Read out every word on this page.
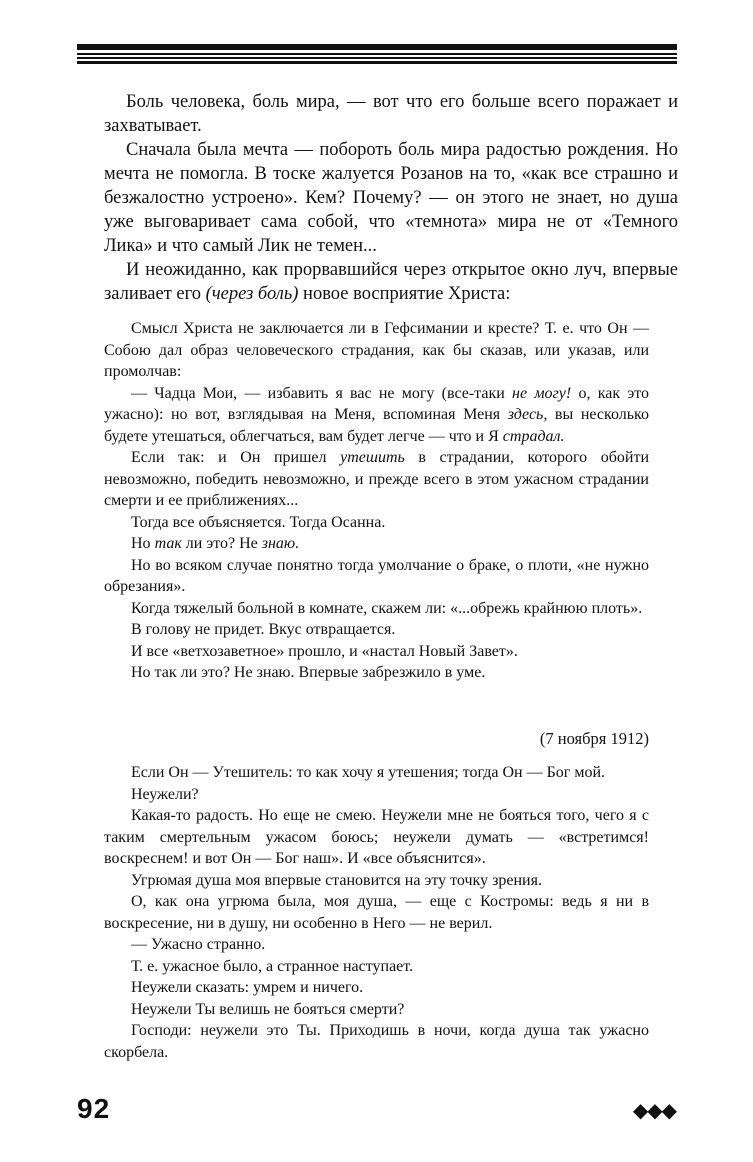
Боль человека, боль мира, — вот что его больше всего поражает и захватывает.

Сначала была мечта — побороть боль мира радостью рождения. Но мечта не помогла. В тоске жалуется Розанов на то, «как все страшно и безжалостно устроено». Кем? Почему? — он этого не знает, но душа уже выговаривает сама собой, что «темнота» мира не от «Темного Лика» и что самый Лик не темен...

И неожиданно, как прорвавшийся через открытое окно луч, впервые заливает его (через боль) новое восприятие Христа:

Смысл Христа не заключается ли в Гефсимании и кресте? Т. е. что Он — Собою дал образ человеческого страдания, как бы сказав, или указав, или промолчав:

— Чадца Мои, — избавить я вас не могу (все-таки не могу! о, как это ужасно): но вот, взглядывая на Меня, вспоминая Меня здесь, вы несколько будете утешаться, облегчаться, вам будет легче — что и Я страдал.

Если так: и Он пришел утешить в страдании, которого обойти невозможно, победить невозможно, и прежде всего в этом ужасном страдании смерти и ее приближениях...

Тогда все объясняется. Тогда Осанна.

Но так ли это? Не знаю.

Но во всяком случае понятно тогда умолчание о браке, о плоти, «не нужно обрезания».

Когда тяжелый больной в комнате, скажем ли: «...обрежь крайнюю плоть».

В голову не придет. Вкус отвращается.

И все «ветхозаветное» прошло, и «настал Новый Завет».

Но так ли это? Не знаю. Впервые забрезжило в уме.

(7 ноября 1912)

Если Он — Утешитель: то как хочу я утешения; тогда Он — Бог мой.

Неужели?

Какая-то радость. Но еще не смею. Неужели мне не бояться того, чего я с таким смертельным ужасом боюсь; неужели думать — «встретимся! воскреснем! и вот Он — Бог наш». И «все объяснится».

Угрюмая душа моя впервые становится на эту точку зрения.

О, как она угрюма была, моя душа, — еще с Костромы: ведь я ни в воскресение, ни в душу, ни особенно в Него — не верил.

— Ужасно странно.

Т. е. ужасное было, а странное наступает.

Неужели сказать: умрем и ничего.

Неужели Ты велишь не бояться смерти?

Господи: неужели это Ты. Приходишь в ночи, когда душа так ужасно скорбела.

92	◆◆◆
